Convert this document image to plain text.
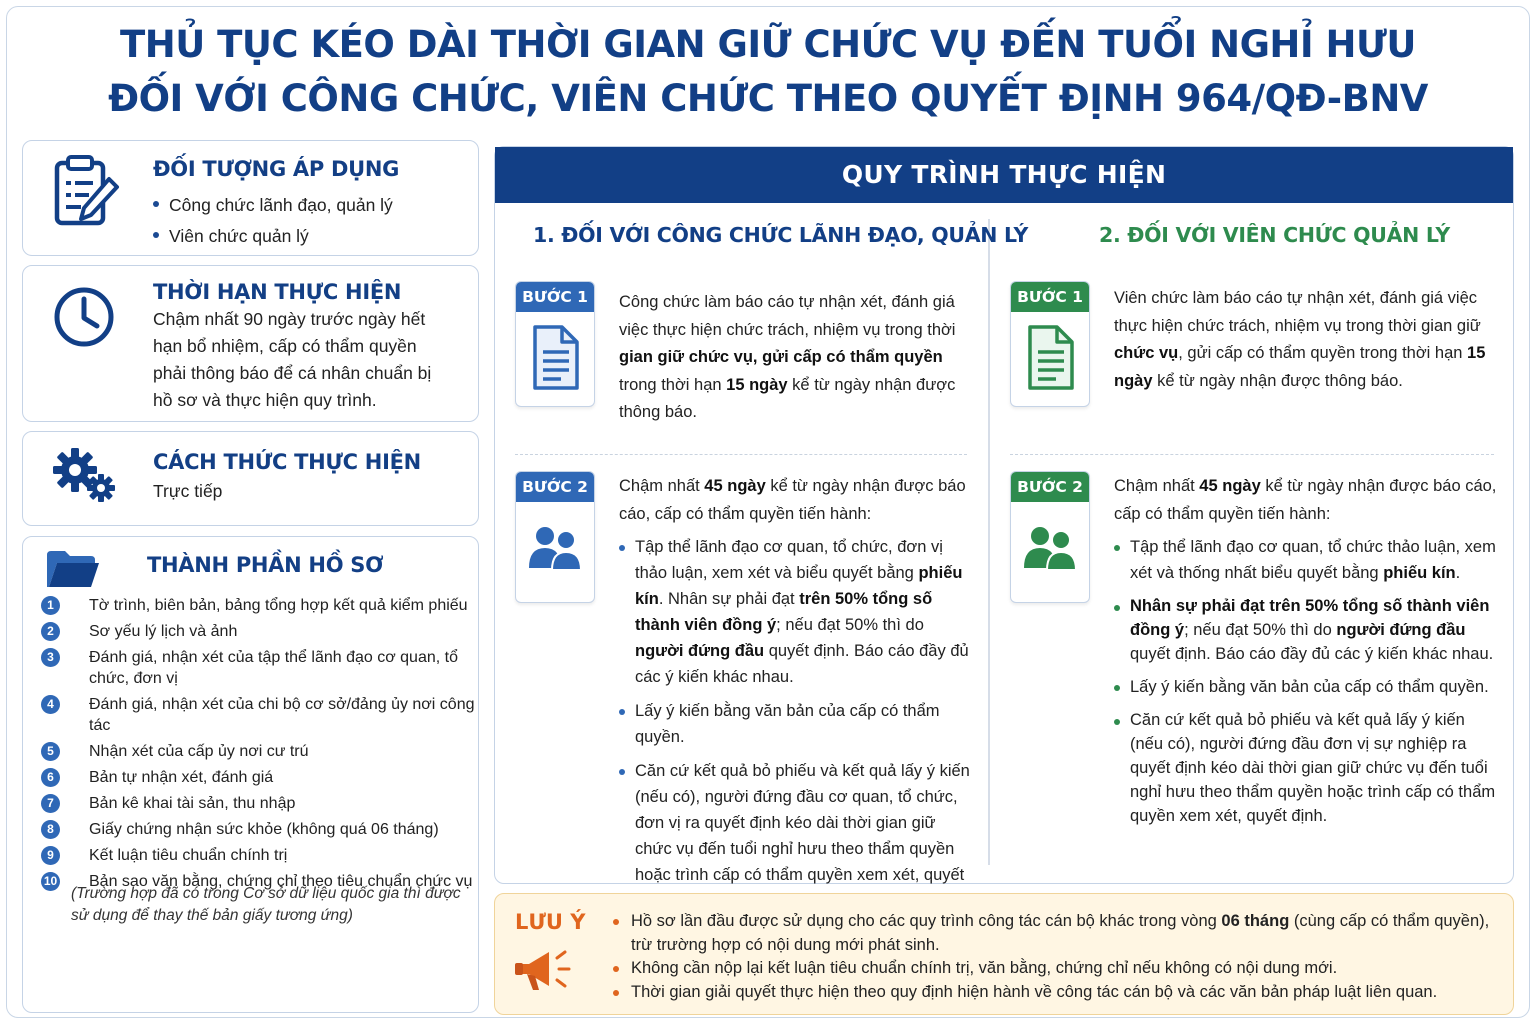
THỦ TỤC KÉO DÀI THỜI GIAN GIỮ CHỨC VỤ ĐẾN TUỔI NGHỈ HƯU
ĐỐI VỚI CÔNG CHỨC, VIÊN CHỨC THEO QUYẾT ĐỊNH 964/QĐ-BNV
ĐỐI TƯỢNG ÁP DỤNG
Công chức lãnh đạo, quản lý
Viên chức quản lý
THỜI HẠN THỰC HIỆN
Chậm nhất 90 ngày trước ngày hết hạn bổ nhiệm, cấp có thẩm quyền phải thông báo để cá nhân chuẩn bị hồ sơ và thực hiện quy trình.
CÁCH THỨC THỰC HIỆN
Trực tiếp
THÀNH PHẦN HỒ SƠ
1	Tờ trình, biên bản, bảng tổng hợp kết quả kiểm phiếu
2	Sơ yếu lý lịch và ảnh
3	Đánh giá, nhận xét của tập thể lãnh đạo cơ quan, tổ chức, đơn vị
4	Đánh giá, nhận xét của chi bộ cơ sở/đảng ủy nơi công tác
5	Nhận xét của cấp ủy nơi cư trú
6	Bản tự nhận xét, đánh giá
7	Bản kê khai tài sản, thu nhập
8	Giấy chứng nhận sức khỏe (không quá 06 tháng)
9	Kết luận tiêu chuẩn chính trị
10 Bản sao văn bằng, chứng chỉ theo tiêu chuẩn chức vụ
(Trường hợp đã có trong Cơ sở dữ liệu quốc gia thì được sử dụng để thay thế bản giấy tương ứng)
QUY TRÌNH THỰC HIỆN
1. ĐỐI VỚI CÔNG CHỨC LÃNH ĐẠO, QUẢN LÝ
BƯỚC 1	Công chức làm báo cáo tự nhận xét, đánh giá việc thực hiện chức trách, nhiệm vụ trong thời gian giữ chức vụ, gửi cấp có thẩm quyền trong thời hạn 15 ngày kể từ ngày nhận được thông báo.
BƯỚC 2	Chậm nhất 45 ngày kể từ ngày nhận được báo cáo, cấp có thẩm quyền tiến hành:
Tập thể lãnh đạo cơ quan, tổ chức, đơn vị thảo luận, xem xét và biểu quyết bằng phiếu kín. Nhân sự phải đạt trên 50% tổng số thành viên đồng ý; nếu đạt 50% thì do người đứng đầu quyết định. Báo cáo đầy đủ các ý kiến khác nhau.
Lấy ý kiến bằng văn bản của cấp có thẩm quyền.
Căn cứ kết quả bỏ phiếu và kết quả lấy ý kiến (nếu có), người đứng đầu cơ quan, tổ chức, đơn vị ra quyết định kéo dài thời gian giữ chức vụ đến tuổi nghỉ hưu theo thẩm quyền hoặc trình cấp có thẩm quyền xem xét, quyết
2. ĐỐI VỚI VIÊN CHỨC QUẢN LÝ
BƯỚC 1	Viên chức làm báo cáo tự nhận xét, đánh giá việc thực hiện chức trách, nhiệm vụ trong thời gian giữ chức vụ, gửi cấp có thẩm quyền trong thời hạn 15 ngày kể từ ngày nhận được thông báo.
BƯỚC 2	Chậm nhất 45 ngày kể từ ngày nhận được báo cáo, cấp có thẩm quyền tiến hành:
Tập thể lãnh đạo cơ quan, tổ chức thảo luận, xem xét và thống nhất biểu quyết bằng phiếu kín.
Nhân sự phải đạt trên 50% tổng số thành viên đồng ý; nếu đạt 50% thì do người đứng đầu quyết định. Báo cáo đầy đủ các ý kiến khác nhau.
Lấy ý kiến bằng văn bản của cấp có thẩm quyền.
Căn cứ kết quả bỏ phiếu và kết quả lấy ý kiến (nếu có), người đứng đầu đơn vị sự nghiệp ra quyết định kéo dài thời gian giữ chức vụ đến tuổi nghỉ hưu theo thẩm quyền hoặc trình cấp có thẩm quyền xem xét, quyết định.
LƯU Ý	Hồ sơ lần đầu được sử dụng cho các quy trình công tác cán bộ khác trong vòng 06 tháng (cùng cấp có thẩm quyền), trừ trường hợp có nội dung mới phát sinh.
Không cần nộp lại kết luận tiêu chuẩn chính trị, văn bằng, chứng chỉ nếu không có nội dung mới.
Thời gian giải quyết thực hiện theo quy định hiện hành về công tác cán bộ và các văn bản pháp luật liên quan.
